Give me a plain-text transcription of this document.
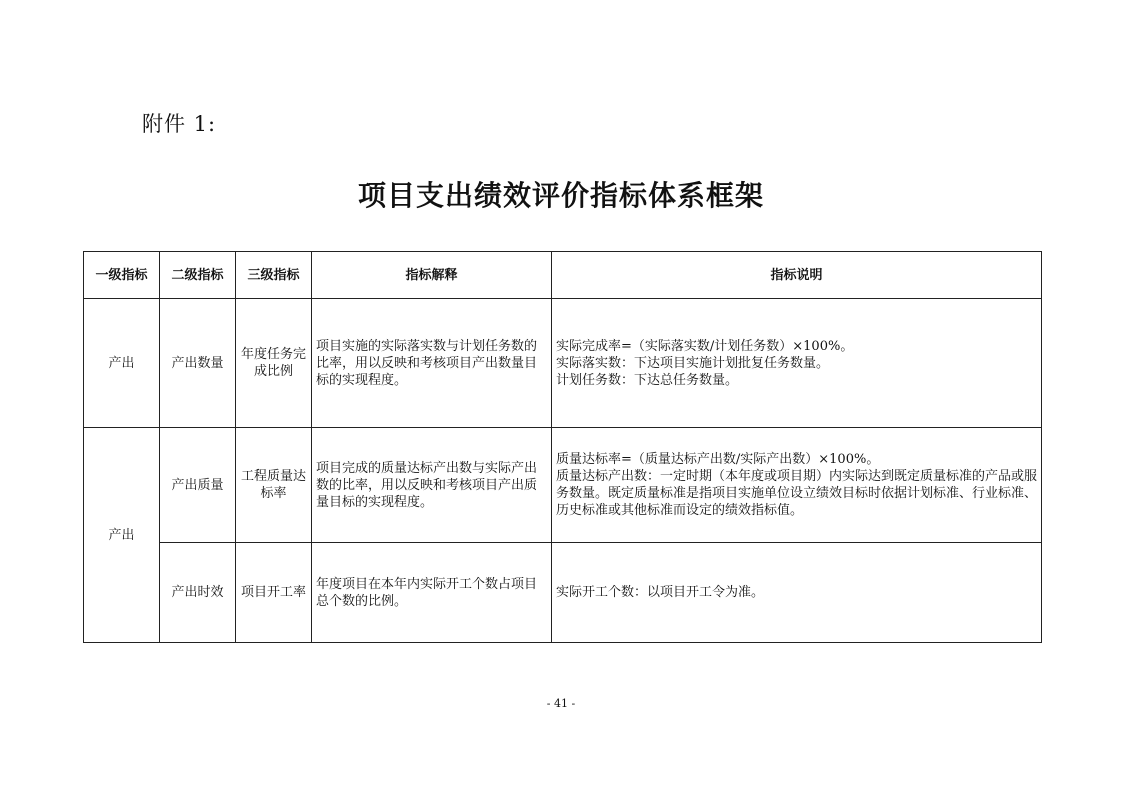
附件 1:
项目支出绩效评价指标体系框架
一级指标	二级指标	三级指标	指标解释	指标说明
产出	产出数量	年度任务完成比例	项目实施的实际落实数与计划任务数的比率，用以反映和考核项目产出数量目标的实现程度。	实际完成率=（实际落实数/计划任务数）×100%。
实际落实数：下达项目实施计划批复任务数量。
计划任务数：下达总任务数量。

产出	产出质量	工程质量达标率	项目完成的质量达标产出数与实际产出数的比率，用以反映和考核项目产出质量目标的实现程度。	质量达标率=（质量达标产出数/实际产出数）×100%。
质量达标产出数：一定时期（本年度或项目期）内实际达到既定质量标准的产品或服务数量。既定质量标准是指项目实施单位设立绩效目标时依据计划标准、行业标准、历史标准或其他标准而设定的绩效指标值。

	产出时效	项目开工率	年度项目在本年内实际开工个数占项目总个数的比例。	实际开工个数：以项目开工令为准。
- 41 -
